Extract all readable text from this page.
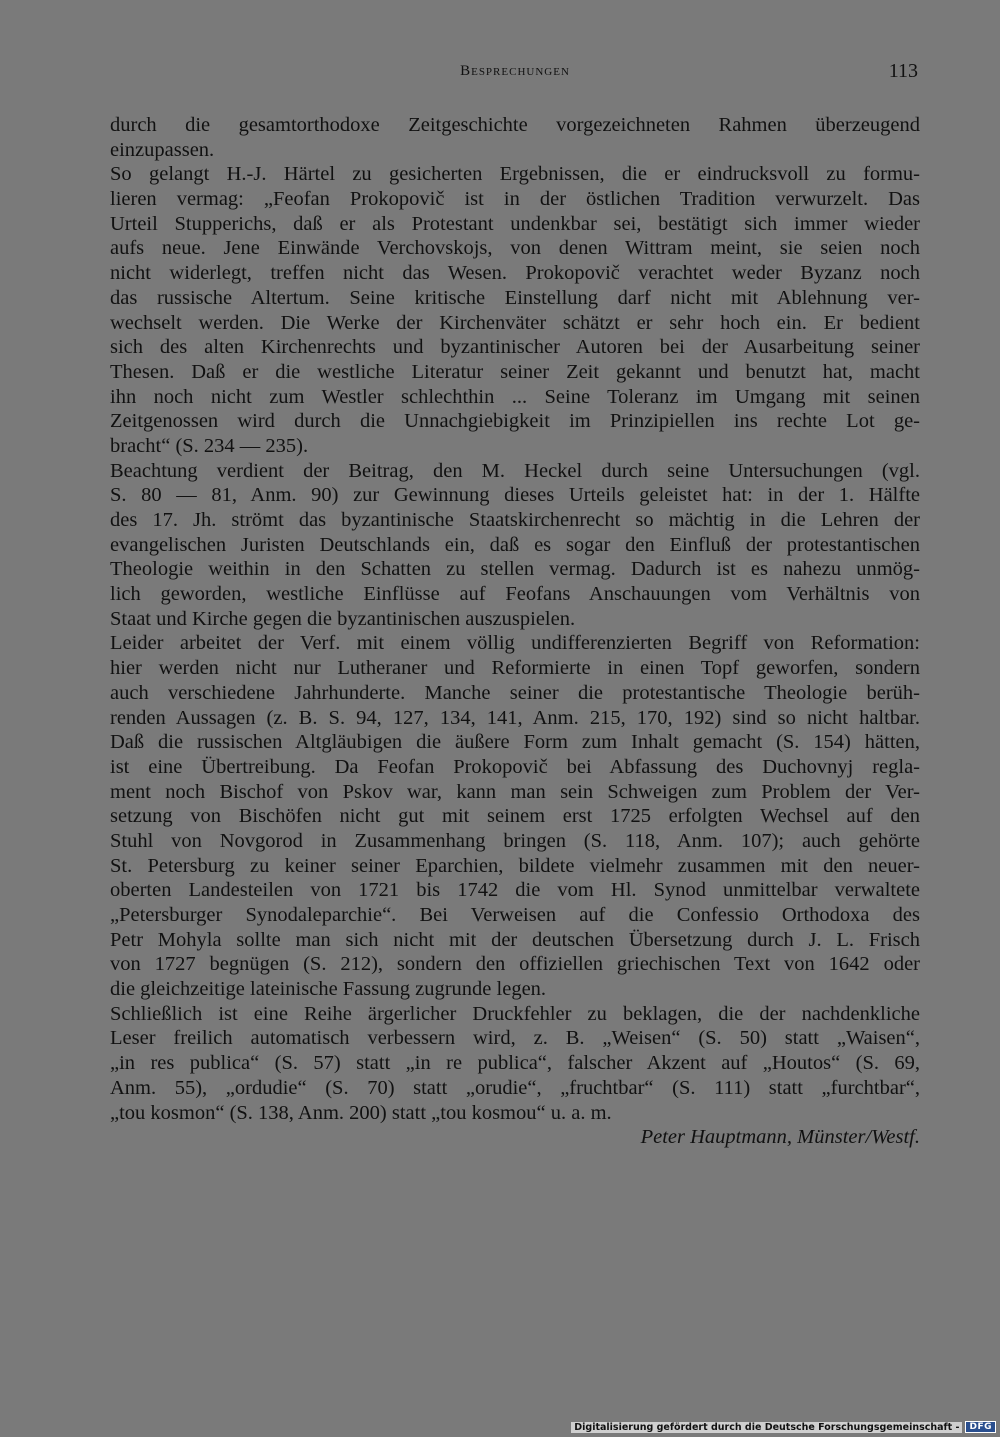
Besprechungen	113
durch die gesamtorthodoxe Zeitgeschichte vorgezeichneten Rahmen überzeugend
einzupassen.
So gelangt H.-J. Härtel zu gesicherten Ergebnissen, die er eindrucksvoll zu formu-
lieren vermag: „Feofan Prokopovič ist in der östlichen Tradition verwurzelt. Das
Urteil Stupperichs, daß er als Protestant undenkbar sei, bestätigt sich immer wieder
aufs neue. Jene Einwände Verchovskojs, von denen Wittram meint, sie seien noch
nicht widerlegt, treffen nicht das Wesen. Prokopovič verachtet weder Byzanz noch
das russische Altertum. Seine kritische Einstellung darf nicht mit Ablehnung ver-
wechselt werden. Die Werke der Kirchenväter schätzt er sehr hoch ein. Er bedient
sich des alten Kirchenrechts und byzantinischer Autoren bei der Ausarbeitung seiner
Thesen. Daß er die westliche Literatur seiner Zeit gekannt und benutzt hat, macht
ihn noch nicht zum Westler schlechthin ... Seine Toleranz im Umgang mit seinen
Zeitgenossen wird durch die Unnachgiebigkeit im Prinzipiellen ins rechte Lot ge-
bracht“ (S. 234 — 235).
Beachtung verdient der Beitrag, den M. Heckel durch seine Untersuchungen (vgl.
S. 80 — 81, Anm. 90) zur Gewinnung dieses Urteils geleistet hat: in der 1. Hälfte
des 17. Jh. strömt das byzantinische Staatskirchenrecht so mächtig in die Lehren der
evangelischen Juristen Deutschlands ein, daß es sogar den Einfluß der protestantischen
Theologie weithin in den Schatten zu stellen vermag. Dadurch ist es nahezu unmög-
lich geworden, westliche Einflüsse auf Feofans Anschauungen vom Verhältnis von
Staat und Kirche gegen die byzantinischen auszuspielen.
Leider arbeitet der Verf. mit einem völlig undifferenzierten Begriff von Reformation:
hier werden nicht nur Lutheraner und Reformierte in einen Topf geworfen, sondern
auch verschiedene Jahrhunderte. Manche seiner die protestantische Theologie berüh-
renden Aussagen (z. B. S. 94, 127, 134, 141, Anm. 215, 170, 192) sind so nicht haltbar.
Daß die russischen Altgläubigen die äußere Form zum Inhalt gemacht (S. 154) hätten,
ist eine Übertreibung. Da Feofan Prokopovič bei Abfassung des Duchovnyj regla-
ment noch Bischof von Pskov war, kann man sein Schweigen zum Problem der Ver-
setzung von Bischöfen nicht gut mit seinem erst 1725 erfolgten Wechsel auf den
Stuhl von Novgorod in Zusammenhang bringen (S. 118, Anm. 107); auch gehörte
St. Petersburg zu keiner seiner Eparchien, bildete vielmehr zusammen mit den neuer-
oberten Landesteilen von 1721 bis 1742 die vom Hl. Synod unmittelbar verwaltete
„Petersburger Synodaleparchie“. Bei Verweisen auf die Confessio Orthodoxa des
Petr Mohyla sollte man sich nicht mit der deutschen Übersetzung durch J. L. Frisch
von 1727 begnügen (S. 212), sondern den offiziellen griechischen Text von 1642 oder
die gleichzeitige lateinische Fassung zugrunde legen.
Schließlich ist eine Reihe ärgerlicher Druckfehler zu beklagen, die der nachdenkliche
Leser freilich automatisch verbessern wird, z. B. „Weisen“ (S. 50) statt „Waisen“,
„in res publica“ (S. 57) statt „in re publica“, falscher Akzent auf „Houtos“ (S. 69,
Anm. 55), „ordudie“ (S. 70) statt „orudie“, „fruchtbar“ (S. 111) statt „furchtbar“,
„tou kosmon“ (S. 138, Anm. 200) statt „tou kosmou“ u. a. m.
Peter Hauptmann, Münster/Westf.
Digitalisierung gefördert durch die Deutsche Forschungsgemeinschaft -	DFG
